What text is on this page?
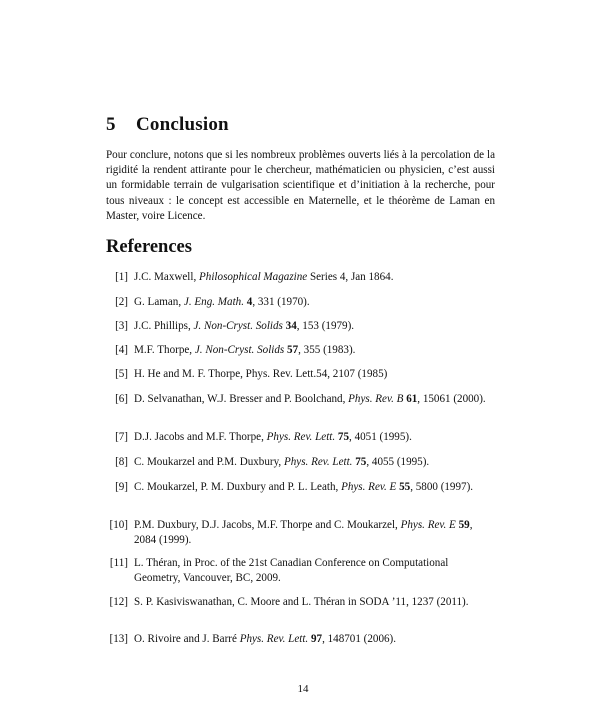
5 Conclusion

Pour conclure, notons que si les nombreux problèmes ouverts liés à la percolation de la rigidité la rendent attirante pour le chercheur, mathématicien ou physicien, c’est aussi un formidable terrain de vulgarisation scientifique et d’initiation à la recherche, pour tous niveaux : le concept est accessible en Maternelle, et le théorème de Laman en Master, voire Licence.

References
[1] J.C. Maxwell, Philosophical Magazine Series 4, Jan 1864.
[2] G. Laman, J. Eng. Math. 4, 331 (1970).
[3] J.C. Phillips, J. Non-Cryst. Solids 34, 153 (1979).
[4] M.F. Thorpe, J. Non-Cryst. Solids 57, 355 (1983).
[5] H. He and M. F. Thorpe, Phys. Rev. Lett.54, 2107 (1985)
[6] D. Selvanathan, W.J. Bresser and P. Boolchand, Phys. Rev. B 61, 15061 (2000).
[7] D.J. Jacobs and M.F. Thorpe, Phys. Rev. Lett. 75, 4051 (1995).
[8] C. Moukarzel and P.M. Duxbury, Phys. Rev. Lett. 75, 4055 (1995).
[9] C. Moukarzel, P. M. Duxbury and P. L. Leath, Phys. Rev. E 55, 5800 (1997).
[10] P.M. Duxbury, D.J. Jacobs, M.F. Thorpe and C. Moukarzel, Phys. Rev. E 59, 2084 (1999).
[11] L. Théran, in Proc. of the 21st Canadian Conference on Computational Geometry, Vancouver, BC, 2009.
[12] S. P. Kasiviswanathan, C. Moore and L. Théran in SODA ’11, 1237 (2011).
[13] O. Rivoire and J. Barré Phys. Rev. Lett. 97, 148701 (2006).
14
